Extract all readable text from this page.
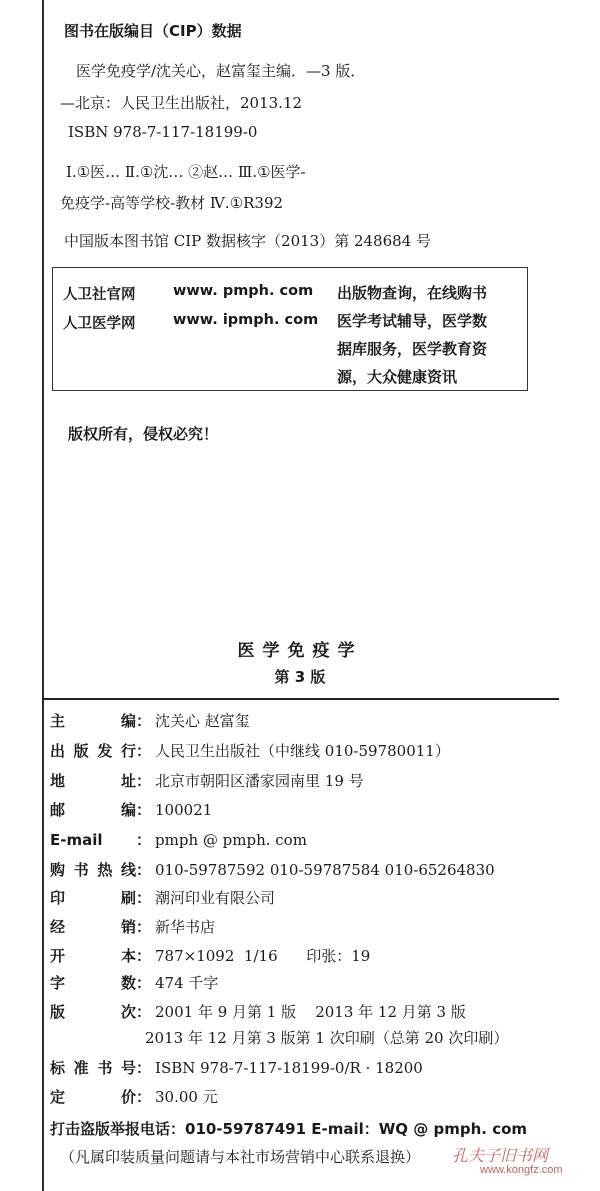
图书在版编目（CIP）数据
医学免疫学/沈关心，赵富玺主编．—3 版．
—北京：人民卫生出版社，2013.12
ISBN 978-7-117-18199-0
Ⅰ.①医… Ⅱ.①沈… ②赵… Ⅲ.①医学-
免疫学-高等学校-教材 Ⅳ.①R392
中国版本图书馆 CIP 数据核字（2013）第 248684 号
人卫社官网	www. pmph. com
人卫医学网	www. ipmph. com
出版物查询，在线购书
医学考试辅导，医学数
据库服务，医学教育资
源，大众健康资讯
版权所有，侵权必究！
医学免疫学
第 3 版
主编： 沈关心 赵富玺
出版发行： 人民卫生出版社（中继线 010-59780011）
地址： 北京市朝阳区潘家园南里 19 号
邮编： 100021
E-mail ： pmph @ pmph. com
购书热线： 010-59787592 010-59787584 010-65264830
印刷： 潮河印业有限公司
经销： 新华书店
开本： 787×1092  1/16      印张：19
字数： 474 千字
版次： 2001 年 9 月第 1 版    2013 年 12 月第 3 版
2013 年 12 月第 3 版第 1 次印刷（总第 20 次印刷）
标准书号： ISBN 978-7-117-18199-0/R · 18200
定价： 30.00 元
打击盗版举报电话：010-59787491 E-mail：WQ @ pmph. com
（凡属印装质量问题请与本社市场营销中心联系退换） 孔夫子旧书网
www.kongfz.com
